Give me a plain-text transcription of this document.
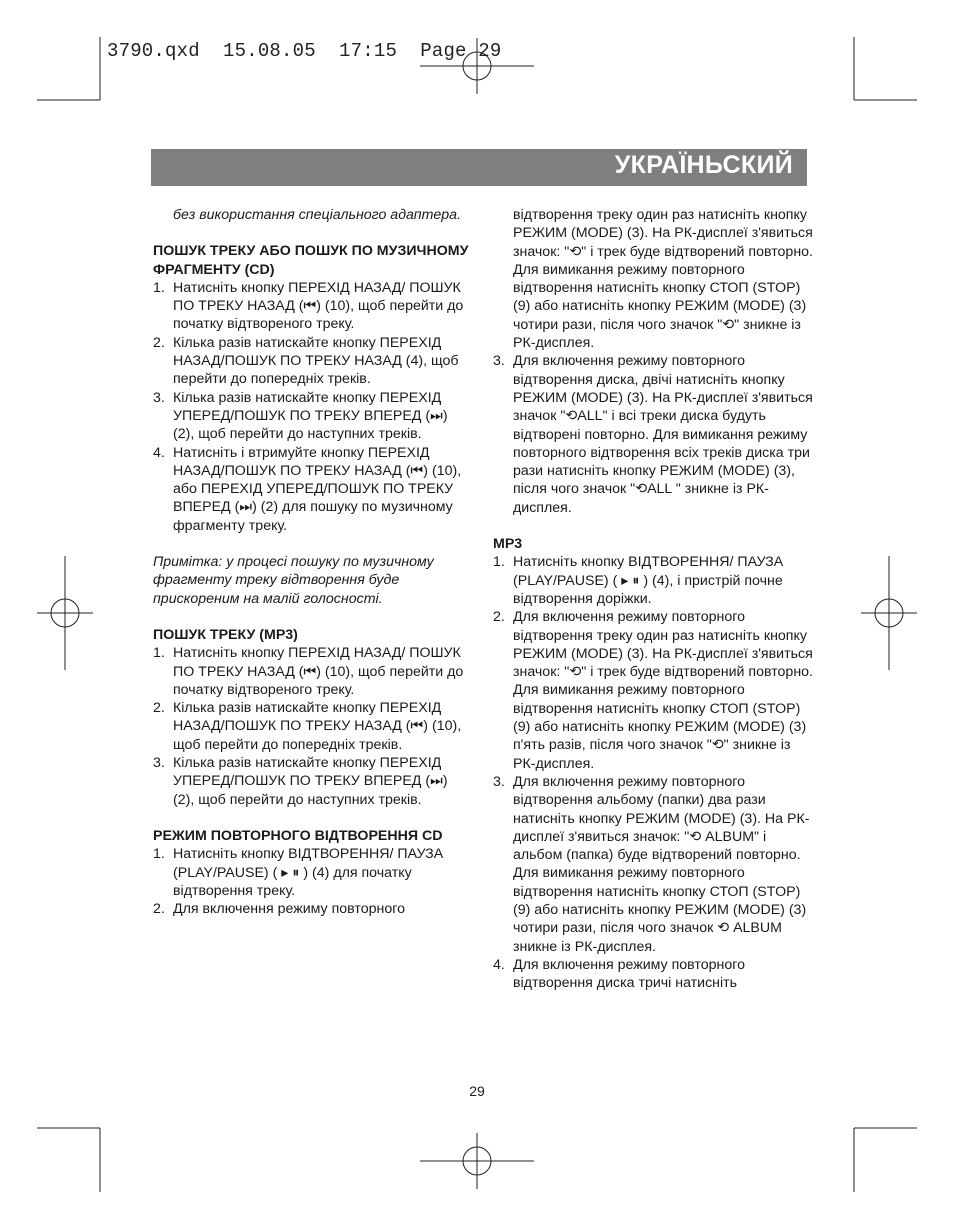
3790.qxd  15.08.05  17:15  Page 29
УКРАЇНЬСКИЙ

без використання спеціального адаптера.

ПОШУК ТРЕКУ АБО ПОШУК ПО МУЗИЧНОМУ ФРАГМЕНТУ (CD)

1. Натисніть кнопку ПЕРЕХІД НАЗАД/ ПОШУК ПО ТРЕКУ НАЗАД (⏮) (10), щоб перейти до початку відтвореного треку.
2. Кілька разів натискайте кнопку ПЕРЕХІД НАЗАД/ПОШУК ПО ТРЕКУ НАЗАД (4), щоб перейти до попередніх треків.
3. Кілька разів натискайте кнопку ПЕРЕХІД УПЕРЕД/ПОШУК ПО ТРЕКУ ВПЕРЕД (⏭) (2), щоб перейти до наступних треків.
4. Натисніть і втримуйте кнопку ПЕРЕХІД НАЗАД/ПОШУК ПО ТРЕКУ НАЗАД (⏮) (10), або ПЕРЕХІД УПЕРЕД/ПОШУК ПО ТРЕКУ ВПЕРЕД (⏭) (2) для пошуку по музичному фрагменту треку.

Примітка: у процесі пошуку по музичному фрагменту треку відтворення буде прискореним на малій голосності.

ПОШУК ТРЕКУ (МР3)

1. Натисніть кнопку ПЕРЕХІД НАЗАД/ ПОШУК ПО ТРЕКУ НАЗАД (⏮) (10), щоб перейти до початку відтвореного треку.
2. Кілька разів натискайте кнопку ПЕРЕХІД НАЗАД/ПОШУК ПО ТРЕКУ НАЗАД (⏮) (10), щоб перейти до попередніх треків.
3. Кілька разів натискайте кнопку ПЕРЕХІД УПЕРЕД/ПОШУК ПО ТРЕКУ ВПЕРЕД (⏭) (2), щоб перейти до наступних треків.

РЕЖИМ ПОВТОРНОГО ВІДТВОРЕННЯ CD

1. Натисніть кнопку ВІДТВОРЕННЯ/ ПАУЗА (PLAY/PAUSE) ( ▸ ⏸ ) (4) для початку відтворення треку.
2. Для включення режиму повторного

відтворення треку один раз натисніть кнопку РЕЖИМ (MODE) (3). На РК-дисплеї з'явиться значок: "⟲" і трек буде відтворений повторно. Для вимикання режиму повторного відтворення натисніть кнопку СТОП (STOP) (9) або натисніть кнопку РЕЖИМ (MODE) (3) чотири рази, після чого значок "⟲" зникне із РК-дисплея.

3. Для включення режиму повторного відтворення диска, двічі натисніть кнопку РЕЖИМ (MODE) (3). На РК-дисплеї з'явиться значок "⟲ALL" і всі треки диска будуть відтворені повторно. Для вимикання режиму повторного відтворення всіх треків диска три рази натисніть кнопку РЕЖИМ (MODE) (3), після чого значок "⟲ALL " зникне із РК-дисплея.

МР3

1. Натисніть кнопку ВІДТВОРЕННЯ/ ПАУЗА (PLAY/PAUSE) ( ▸ ⏸ ) (4), і пристрій почне відтворення доріжки.
2. Для включення режиму повторного відтворення треку один раз натисніть кнопку РЕЖИМ (MODE) (3). На РК-дисплеї з'явиться значок: "⟲" і трек буде відтворений повторно. Для вимикання режиму повторного відтворення натисніть кнопку СТОП (STOP) (9) або натисніть кнопку РЕЖИМ (MODE) (3) п'ять разів, після чого значок "⟲" зникне із РК-дисплея.
3. Для включення режиму повторного відтворення альбому (папки) два рази натисніть кнопку РЕЖИМ (MODE) (3). На РК-дисплеї з'явиться значок: "⟲ ALBUM" і альбом (папка) буде відтворений повторно. Для вимикання режиму повторного відтворення натисніть кнопку СТОП (STOP) (9) або натисніть кнопку РЕЖИМ (MODE) (3) чотири рази, після чого значок ⟲ ALBUM зникне із РК-дисплея.
4. Для включення режиму повторного відтворення диска тричі натисніть
29
